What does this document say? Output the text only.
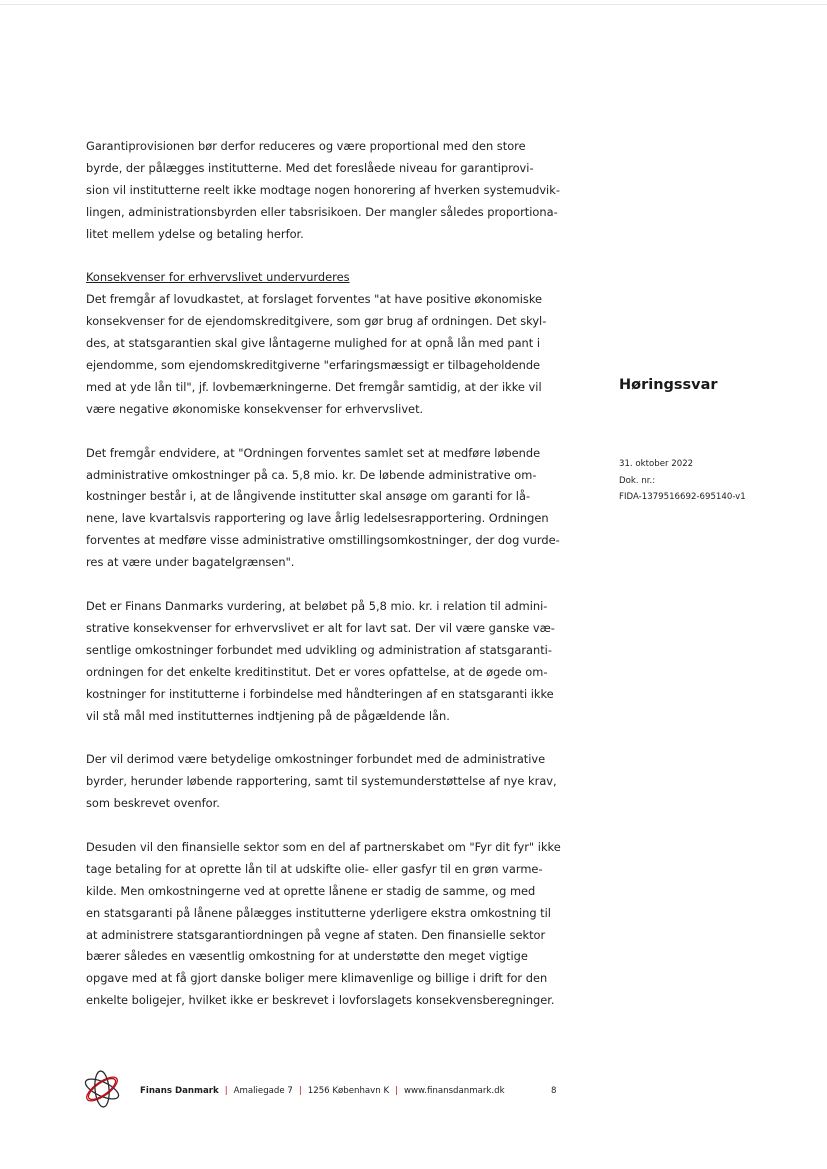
Garantiprovisionen bør derfor reduceres og være proportional med den store
byrde, der pålægges institutterne. Med det foreslåede niveau for garantiprovi-
sion vil institutterne reelt ikke modtage nogen honorering af hverken systemudvik-
lingen, administrationsbyrden eller tabsrisikoen. Der mangler således proportiona-
litet mellem ydelse og betaling herfor.

Konsekvenser for erhvervslivet undervurderes
Det fremgår af lovudkastet, at forslaget forventes "at have positive økonomiske
konsekvenser for de ejendomskreditgivere, som gør brug af ordningen. Det skyl-
des, at statsgarantien skal give låntagerne mulighed for at opnå lån med pant i
ejendomme, som ejendomskreditgiverne "erfaringsmæssigt er tilbageholdende
med at yde lån til", jf. lovbemærkningerne. Det fremgår samtidig, at der ikke vil
være negative økonomiske konsekvenser for erhvervslivet.

Det fremgår endvidere, at "Ordningen forventes samlet set at medføre løbende
administrative omkostninger på ca. 5,8 mio. kr. De løbende administrative om-
kostninger består i, at de långivende institutter skal ansøge om garanti for lå-
nene, lave kvartalsvis rapportering og lave årlig ledelsesrapportering. Ordningen
forventes at medføre visse administrative omstillingsomkostninger, der dog vurde-
res at være under bagatelgrænsen".

Det er Finans Danmarks vurdering, at beløbet på 5,8 mio. kr. i relation til admini-
strative konsekvenser for erhvervslivet er alt for lavt sat. Der vil være ganske væ-
sentlige omkostninger forbundet med udvikling og administration af statsgaranti-
ordningen for det enkelte kreditinstitut. Det er vores opfattelse, at de øgede om-
kostninger for institutterne i forbindelse med håndteringen af en statsgaranti ikke
vil stå mål med institutternes indtjening på de pågældende lån.

Der vil derimod være betydelige omkostninger forbundet med de administrative
byrder, herunder løbende rapportering, samt til systemunderstøttelse af nye krav,
som beskrevet ovenfor.

Desuden vil den finansielle sektor som en del af partnerskabet om "Fyr dit fyr" ikke
tage betaling for at oprette lån til at udskifte olie- eller gasfyr til en grøn varme-
kilde. Men omkostningerne ved at oprette lånene er stadig de samme, og med
en statsgaranti på lånene pålægges institutterne yderligere ekstra omkostning til
at administrere statsgarantiordningen på vegne af staten. Den finansielle sektor
bærer således en væsentlig omkostning for at understøtte den meget vigtige
opgave med at få gjort danske boliger mere klimavenlige og billige i drift for den
enkelte boligejer, hvilket ikke er beskrevet i lovforslagets konsekvensberegninger.

Høringssvar
31. oktober 2022
Dok. nr.:
FIDA-1379516692-695140-v1
Finans Danmark | Amaliegade 7 | 1256 København K | www.finansdanmark.dk	8
